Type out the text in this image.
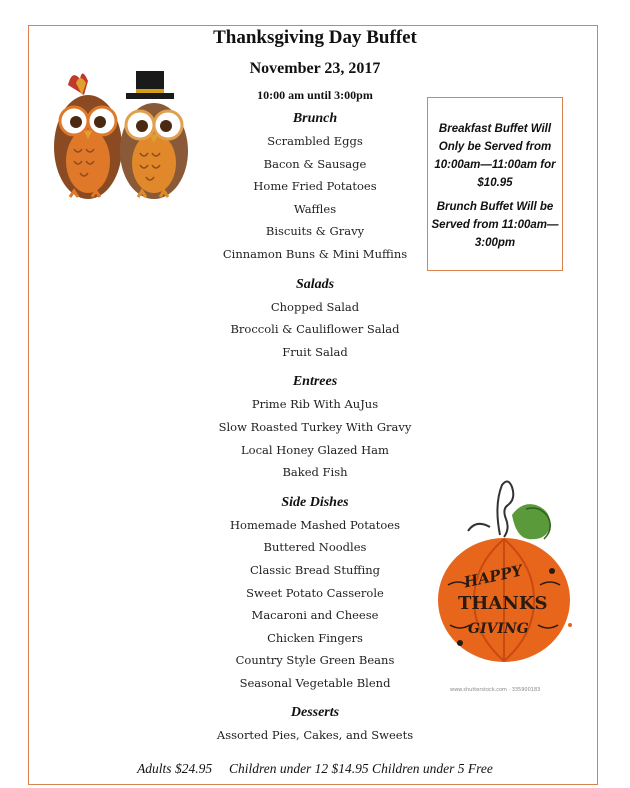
Thanksgiving Day Buffet
November 23, 2017
10:00 am until 3:00pm
Brunch
Scrambled Eggs
Bacon & Sausage
Home Fried Potatoes
Waffles
Biscuits & Gravy
Cinnamon Buns & Mini Muffins
Salads
Chopped Salad
Broccoli & Cauliflower Salad
Fruit Salad
Entrees
Prime Rib With AuJus
Slow Roasted Turkey With Gravy
Local Honey Glazed Ham
Baked Fish
Side Dishes
Homemade Mashed Potatoes
Buttered Noodles
Classic Bread Stuffing
Sweet Potato Casserole
Macaroni and Cheese
Chicken Fingers
Country Style Green Beans
Seasonal Vegetable Blend
Desserts
Assorted Pies, Cakes, and Sweets

Breakfast Buffet Will Only be Served from 10:00am—11:00am for $10.95

Brunch Buffet Will be Served from 11:00am—3:00pm

HAPPY
THANKS
GIVING
www.shutterstock.com · 335900183
Adults $24.95     Children under 12 $14.95 Children under 5 Free
